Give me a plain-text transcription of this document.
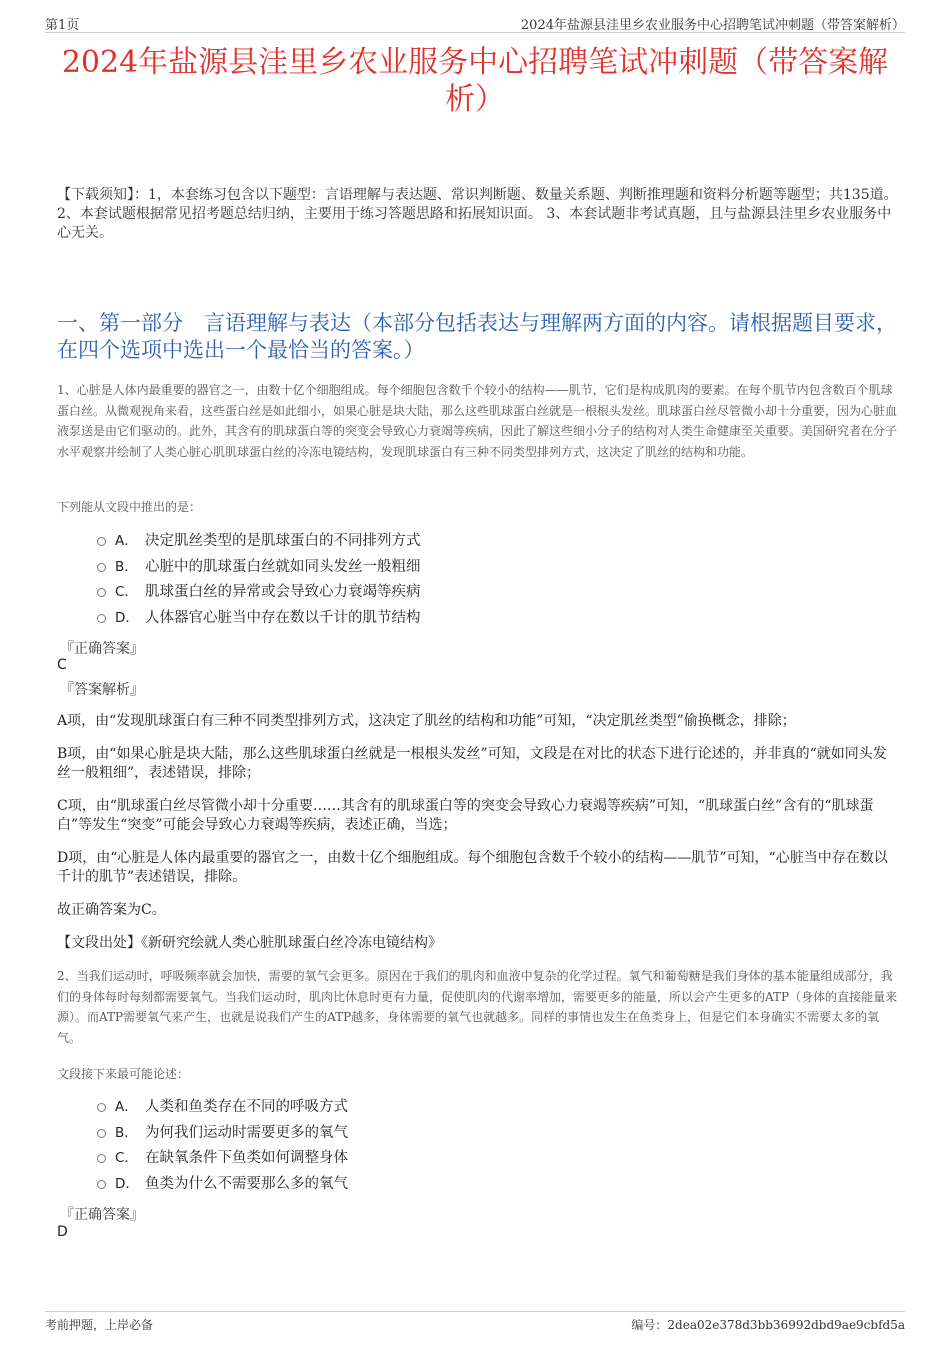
第1页	2024年盐源县洼里乡农业服务中心招聘笔试冲刺题（带答案解析）
2024年盐源县洼里乡农业服务中心招聘笔试冲刺题（带答案解析）
【下载须知】：1，本套练习包含以下题型：言语理解与表达题、常识判断题、数量关系题、判断推理题和资料分析题等题型；共135道。 2、本套试题根据常见招考题总结归纳，主要用于练习答题思路和拓展知识面。 3、本套试题非考试真题，且与盐源县洼里乡农业服务中心无关。
一、第一部分　言语理解与表达（本部分包括表达与理解两方面的内容。请根据题目要求，在四个选项中选出一个最恰当的答案。）
1、心脏是人体内最重要的器官之一，由数十亿个细胞组成。每个细胞包含数千个较小的结构——肌节，它们是构成肌肉的要素。在每个肌节内包含数百个肌球蛋白丝。从微观视角来看，这些蛋白丝是如此细小，如果心脏是块大陆，那么这些肌球蛋白丝就是一根根头发丝。肌球蛋白丝尽管微小却十分重要，因为心脏血液泵送是由它们驱动的。此外，其含有的肌球蛋白等的突变会导致心力衰竭等疾病，因此了解这些细小分子的结构对人类生命健康至关重要。美国研究者在分子水平观察并绘制了人类心脏心肌肌球蛋白丝的冷冻电镜结构，发现肌球蛋白有三种不同类型排列方式，这决定了肌丝的结构和功能。
下列能从文段中推出的是：
A． 决定肌丝类型的是肌球蛋白的不同排列方式
B． 心脏中的肌球蛋白丝就如同头发丝一般粗细
C． 肌球蛋白丝的异常或会导致心力衰竭等疾病
D． 人体器官心脏当中存在数以千计的肌节结构
『正确答案』
C
『答案解析』
A项，由“发现肌球蛋白有三种不同类型排列方式，这决定了肌丝的结构和功能”可知，“决定肌丝类型”偷换概念，排除；
B项，由“如果心脏是块大陆，那么这些肌球蛋白丝就是一根根头发丝”可知，文段是在对比的状态下进行论述的，并非真的“就如同头发丝一般粗细”，表述错误，排除；
C项，由“肌球蛋白丝尽管微小却十分重要……其含有的肌球蛋白等的突变会导致心力衰竭等疾病”可知，“肌球蛋白丝”含有的“肌球蛋白”等发生“突变”可能会导致心力衰竭等疾病，表述正确，当选；
D项，由“心脏是人体内最重要的器官之一，由数十亿个细胞组成。每个细胞包含数千个较小的结构——肌节”可知，“心脏当中存在数以千计的肌节”表述错误，排除。
故正确答案为C。
【文段出处】《新研究绘就人类心脏肌球蛋白丝冷冻电镜结构》
2、当我们运动时，呼吸频率就会加快，需要的氧气会更多。原因在于我们的肌肉和血液中复杂的化学过程。氧气和葡萄糖是我们身体的基本能量组成部分，我们的身体每时每刻都需要氧气。当我们运动时，肌肉比休息时更有力量，促使肌肉的代谢率增加，需要更多的能量，所以会产生更多的ATP（身体的直接能量来源）。而ATP需要氧气来产生，也就是说我们产生的ATP越多，身体需要的氧气也就越多。同样的事情也发生在鱼类身上，但是它们本身确实不需要太多的氧气。
文段接下来最可能论述：
A． 人类和鱼类存在不同的呼吸方式
B． 为何我们运动时需要更多的氧气
C． 在缺氧条件下鱼类如何调整身体
D． 鱼类为什么不需要那么多的氧气
『正确答案』
D
考前押题，上岸必备	编号：2dea02e378d3bb36992dbd9ae9cbfd5a
